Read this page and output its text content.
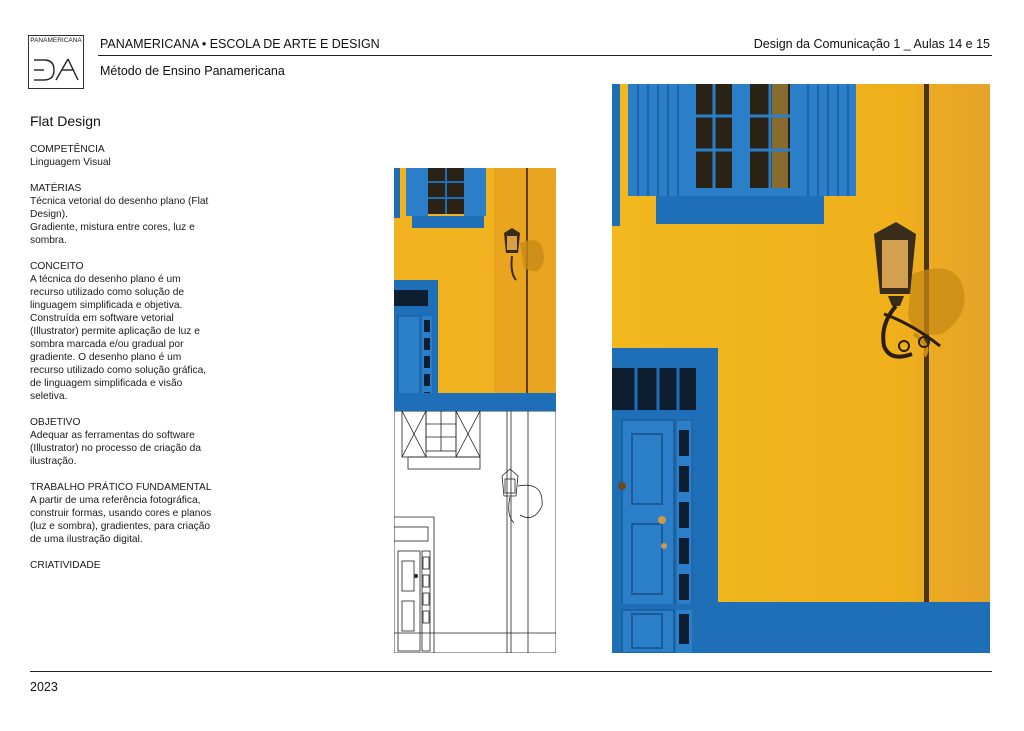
PANAMERICANA PANAMERICANA • ESCOLA DE ARTE E DESIGN	Design da Comunicação 1 _ Aulas 14 e 15
Método de Ensino Panamericana
Flat Design

COMPETÊNCIA

Linguagem Visual

MATÉRIAS

Técnica vetorial do desenho plano (Flat Design).
Gradiente, mistura entre cores, luz e sombra.

CONCEITO

A técnica do desenho plano é um recurso utilizado como solução de linguagem simplificada e objetiva. Construída em software vetorial (Illustrator) permite aplicação de luz e sombra marcada e/ou gradual por gradiente. O desenho plano é um recurso utilizado como solução gráfica, de linguagem simplificada e visão seletiva.

OBJETIVO

Adequar as ferramentas do software (Illustrator) no processo de criação da ilustração.

TRABALHO PRÁTICO FUNDAMENTAL

A partir de uma referência fotográfica, construir formas, usando cores e planos (luz e sombra), gradientes, para criação de uma ilustração digital.

CRIATIVIDADE

2023
